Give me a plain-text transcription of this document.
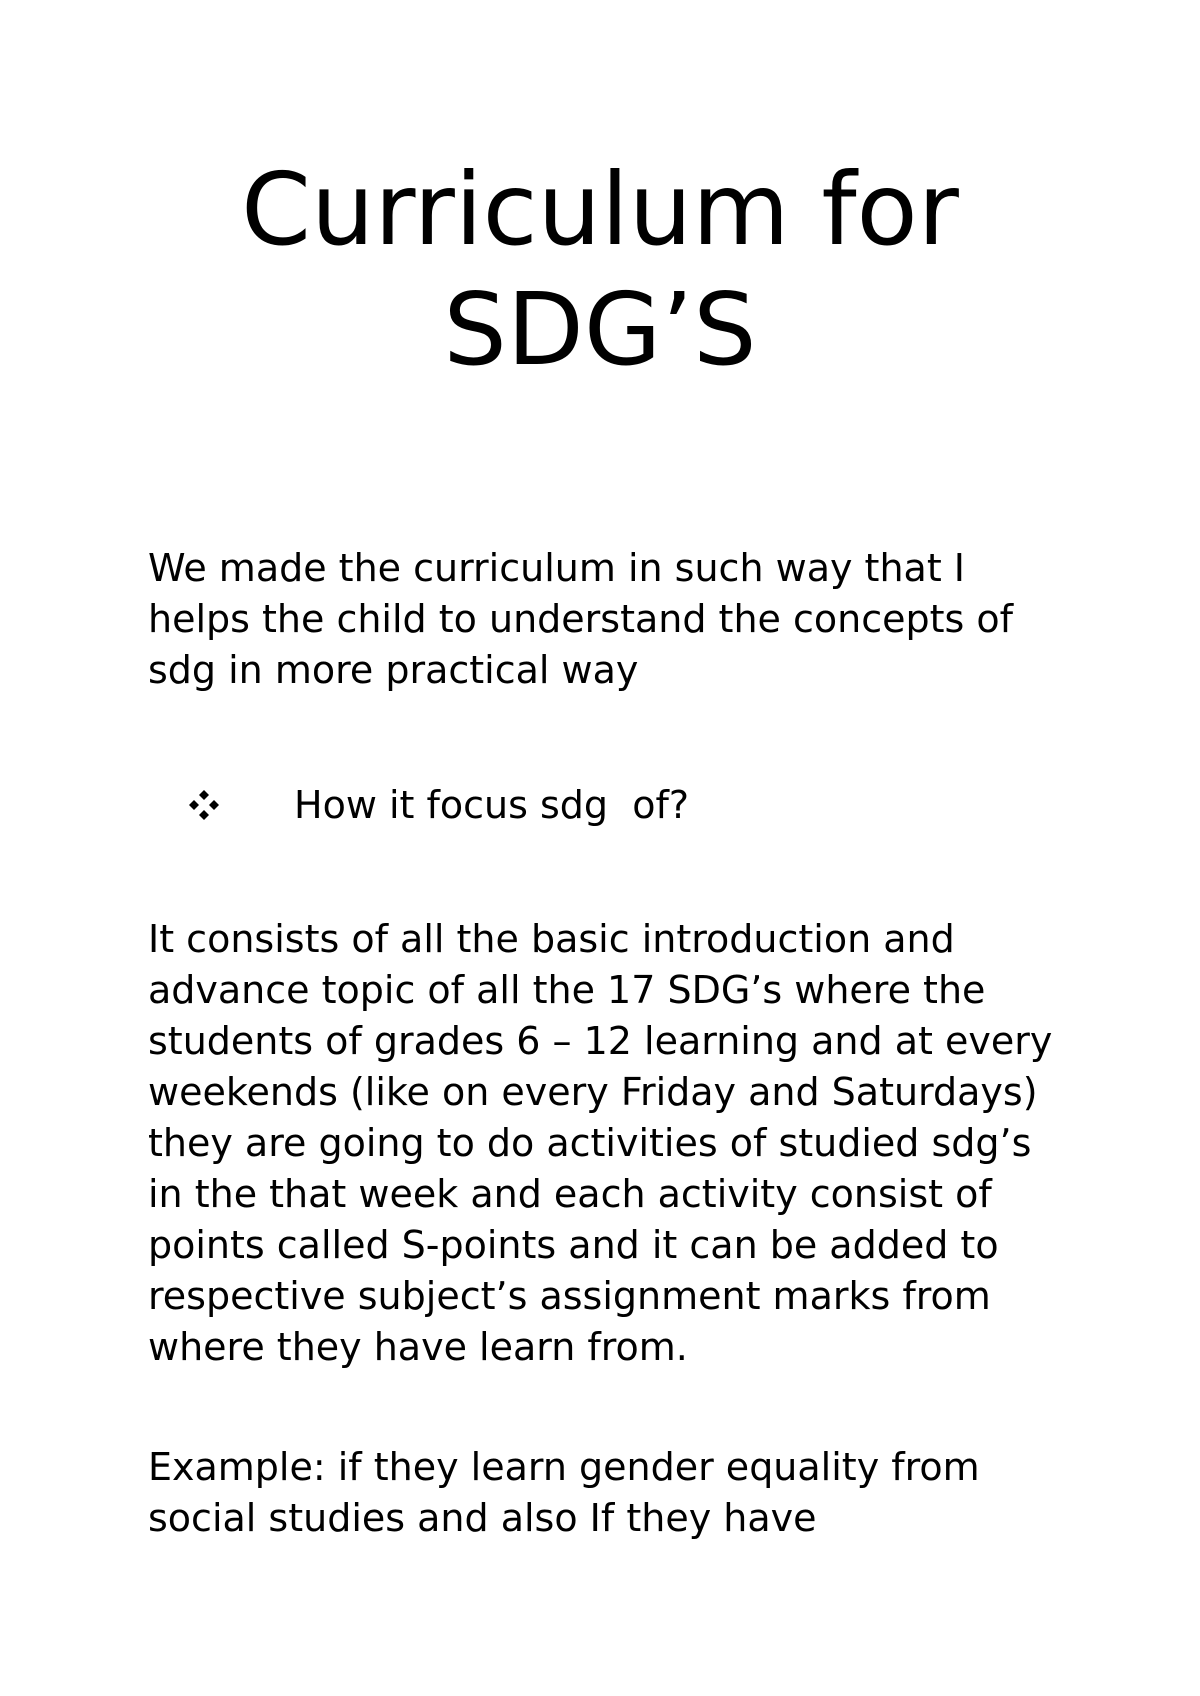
Curriculum for
SDG’S

We made the curriculum in such way that I helps the child to understand the concepts of sdg in more practical way

How it focus sdg  of?

It consists of all the basic introduction and advance topic of all the 17 SDG’s where the students of grades 6 – 12 learning and at every weekends (like on every Friday and Saturdays) they are going to do activities of studied sdg’s in the that week and each activity consist of points called S-points and it can be added to respective subject’s assignment marks from where they have learn from.

Example: if they learn gender equality from social studies and also If they have
